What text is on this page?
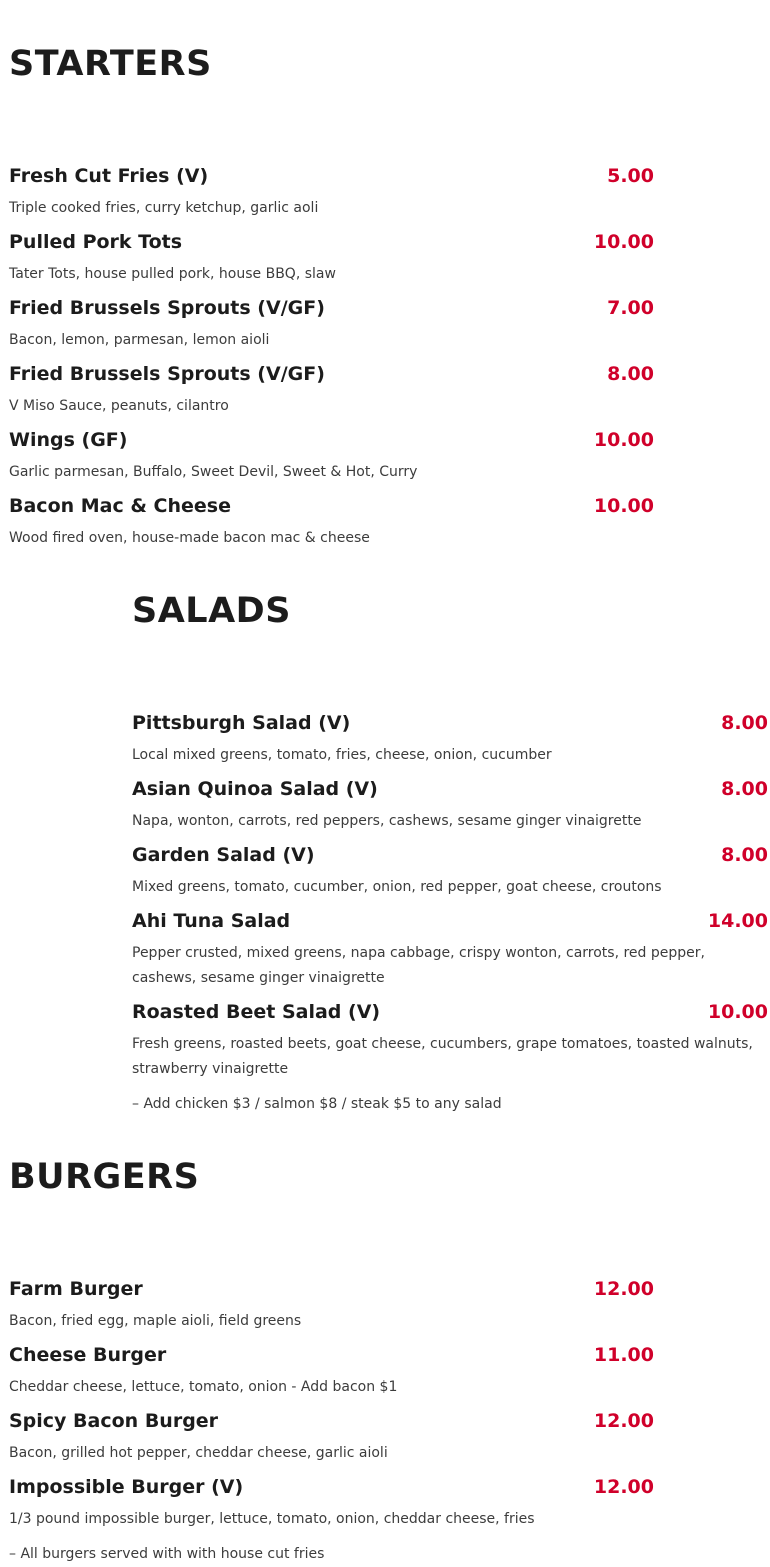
STARTERS
Fresh Cut Fries (V)	5.00
Triple cooked fries, curry ketchup, garlic aoli
Pulled Pork Tots	10.00
Tater Tots, house pulled pork, house BBQ, slaw
Fried Brussels Sprouts (V/GF)	7.00
Bacon, lemon, parmesan, lemon aioli
Fried Brussels Sprouts (V/GF)	8.00
V Miso Sauce, peanuts, cilantro
Wings (GF)	10.00
Garlic parmesan, Buffalo, Sweet Devil, Sweet & Hot, Curry
Bacon Mac & Cheese	10.00
Wood fired oven, house-made bacon mac & cheese
SALADS
Pittsburgh Salad (V)	8.00
Local mixed greens, tomato, fries, cheese, onion, cucumber
Asian Quinoa Salad (V)	8.00
Napa, wonton, carrots, red peppers, cashews, sesame ginger vinaigrette
Garden Salad (V)	8.00
Mixed greens, tomato, cucumber, onion, red pepper, goat cheese, croutons
Ahi Tuna Salad	14.00
Pepper crusted, mixed greens, napa cabbage, crispy wonton, carrots, red pepper, cashews, sesame ginger vinaigrette
Roasted Beet Salad (V)	10.00
Fresh greens, roasted beets, goat cheese, cucumbers, grape tomatoes, toasted walnuts, strawberry vinaigrette
– Add chicken $3 / salmon $8 / steak $5 to any salad
BURGERS
Farm Burger	12.00
Bacon, fried egg, maple aioli, field greens
Cheese Burger	11.00
Cheddar cheese, lettuce, tomato, onion - Add bacon $1
Spicy Bacon Burger	12.00
Bacon, grilled hot pepper, cheddar cheese, garlic aioli
Impossible Burger (V)	12.00
1/3 pound impossible burger, lettuce, tomato, onion, cheddar cheese, fries
– All burgers served with with house cut fries
